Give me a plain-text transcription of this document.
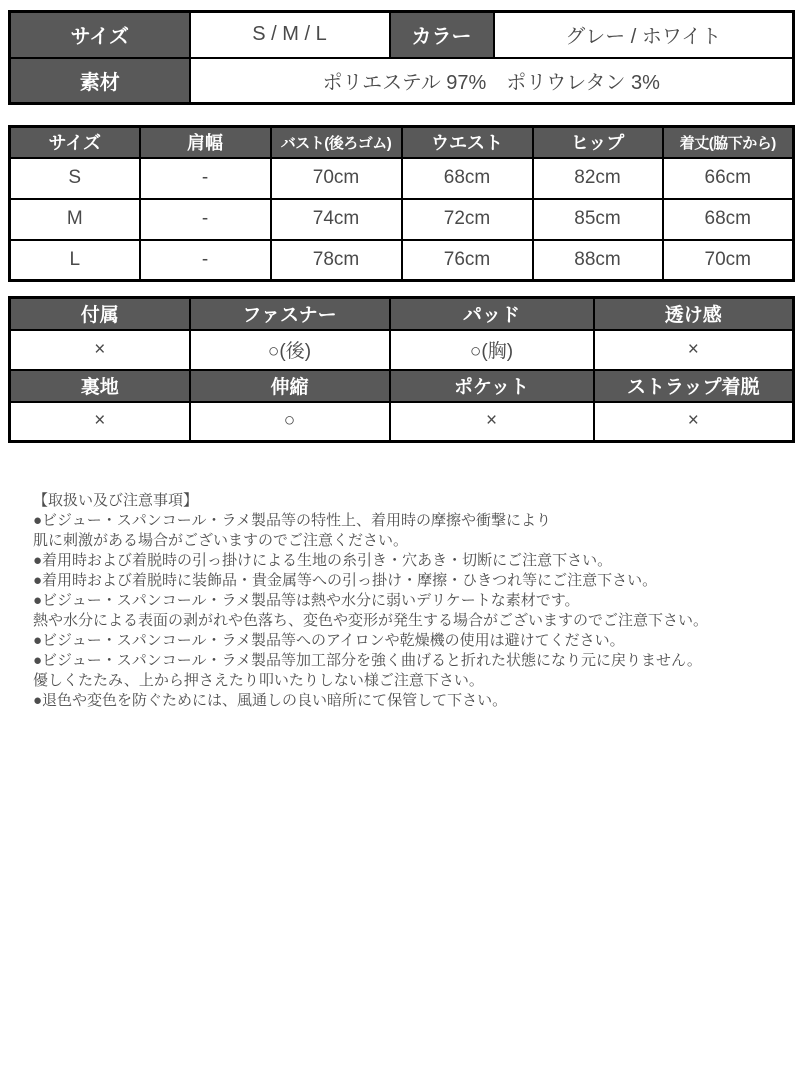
サイズ	S / M / L	カラー	グレー / ホワイト
素材	ポリエステル 97%　ポリウレタン 3%		
サイズ	肩幅	バスト(後ろゴム)	ウエスト	ヒップ	着丈(脇下から)
S	-	70cm	68cm	82cm	66cm
M	-	74cm	72cm	85cm	68cm
L	-	78cm	76cm	88cm	70cm
付属	ファスナー	パッド	透け感
×	○(後)	○(胸)	×
裏地	伸縮	ポケット	ストラップ着脱
×	○	×	×
【取扱い及び注意事項】
●ビジュー・スパンコール・ラメ製品等の特性上、着用時の摩擦や衝撃により
肌に刺激がある場合がございますのでご注意ください。
●着用時および着脱時の引っ掛けによる生地の糸引き・穴あき・切断にご注意下さい。
●着用時および着脱時に装飾品・貴金属等への引っ掛け・摩擦・ひきつれ等にご注意下さい。
●ビジュー・スパンコール・ラメ製品等は熱や水分に弱いデリケートな素材です。
熱や水分による表面の剥がれや色落ち、変色や変形が発生する場合がございますのでご注意下さい。
●ビジュー・スパンコール・ラメ製品等へのアイロンや乾燥機の使用は避けてください。
●ビジュー・スパンコール・ラメ製品等加工部分を強く曲げると折れた状態になり元に戻りません。
優しくたたみ、上から押さえたり叩いたりしない様ご注意下さい。
●退色や変色を防ぐためには、風通しの良い暗所にて保管して下さい。
